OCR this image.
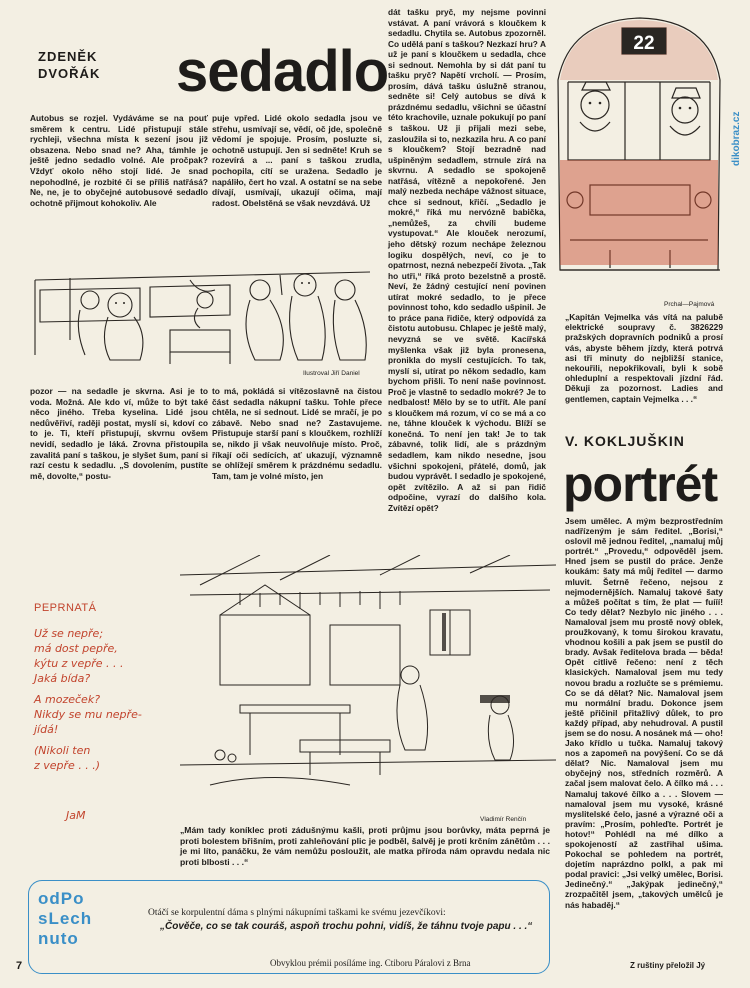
ZDENĚK
DVOŘÁK sedadlo
Autobus se rozjel. Vydáváme se na pouť směrem k centru. Lidé přistupují stále rychleji, všechna místa k sezení jsou již obsazena. Nebo snad ne? Aha, támhle je ještě jedno sedadlo volné. Ale pročpak? Vždyť okolo něho stojí lidé. Je snad nepohodlné, je rozbité či se příliš natřásá? Ne, ne, je to obyčejné autobusové sedadlo ochotně přijmout kohokoliv. Ale
puje vpřed. Lidé okolo sedadla jsou ve střehu, usmívají se, vědí, oč jde, společně vědomí je spojuje. Prosím, posluzte si, ochotně ustupují. Jen si sedněte! Kruh se rozevírá a ... paní s taškou zrudla, pochopila, cítí se uražena. Sedadlo je napáliło, čert ho vzal. A ostatní se na sebe dívají, usmívají, ukazují očima, mají radost. Obelstěná se však nevzdává. Už
dát tašku pryč, my nejsme povinni vstávat. A paní vrávorá s kloučkem k sedadlu. Chytila se. Autobus zpozorněl. Co udělá paní s taškou? Nezkazí hru? A už je paní s kloučkem u sedadla, chce si sednout. Nemohla by si dát paní tu tašku pryč? Napětí vrcholí. — Prosím, prosím, dává tašku úslužně stranou, sedněte si! Celý autobus se dívá k prázdnému sedadlu, všichni se účastní této krachovile, uznale pokukují po paní s taškou. Už ji přijali mezi sebe, zasloužila si to, nezkazila hru. A co paní s kloučkem? Stojí bezradně nad ušpiněným sedadlem, strnule zírá na skvrnu. A sedadlo se spokojeně natřásá, vítězně a nepokořené. Jen malý nezbeda nechápe vážnost situace, chce si sednout, křičí. „Sedadlo je mokré,“ říká mu nervózně babička, „nemůžeš, za chvíli budeme vystupovat.“ Ale klouček nerozumí, jeho dětský rozum nechápe železnou logiku dospělých, neví, co je to opatrnost, nezná nebezpečí života. „Tak ho utři,“ říká proto bezelstně a prostě. Neví, že žádný cestující není povinen utírat mokré sedadlo, to je přece povinnost toho, kdo sedadlo ušpinil. Je to práce pana řidiče, který odpovídá za čistotu autobusu. Chlapec je ještě malý, nevyzná se ve světě. Kacířská myšlenka však již byla pronesena, pronikla do myslí cestujících. To tak, myslí si, utírat po někom sedadlo, kam bychom přišli. To není naše povinnost. Proč je vlastně to sedadlo mokré? Je to nedbalost! Mělo by se to utřít. Ale paní s kloučkem má rozum, ví co se má a co ne, táhne klouček k východu. Blíží se konečná. To není jen tak! Je to tak zábavné, tolik lidí, ale s prázdným sedadlem, kam nikdo nesedne, jsou všichni spokojeni, přátelé, domů, jak budou vyprávět. I sedadlo je spokojené, opět zvítězilo. A až si pan řidič odpočine, vyrazí do dalšího kola. Zvítězí opět?
Ilustroval Jiří Daniel
pozor — na sedadle je skvrna. Asi je to voda. Možná. Ale kdo ví, může to být také něco jiného. Třeba kyselina. Lidé jsou nedůvěřiví, raději postat, myslí si, kdoví co to je. Ti, kteří přistupují, skvrnu ovšem nevidí, sedadlo je láká. Zrovna přistoupila zavalitá paní s taškou, je slyšet šum, paní si razí cestu k sedadlu. „S dovolením, pustíte mě, dovolte,“ postu-
to má, pokládá si vítězoslavně na čistou část sedadla nákupní tašku. Tohle přece chtěla, ne si sednout. Lidé se mračí, je po zábavě. Nebo snad ne? Zastavujeme. Přistupuje starší paní s kloučkem, rozhlíží se, nikdo ji však neuvolňuje místo. Proč, říkají oči sedících, ať ukazují, významně se ohlížejí směrem k prázdnému sedadlu. Tam, tam je volné místo, jen
22
Prchal—Pajmová
„Kapitán Vejmelka vás vítá na palubě elektrické soupravy č. 3826229 pražských dopravních podniků a prosí vás, abyste během jízdy, která potrvá asi tři minuty do nejbližší stanice, nekouřili, nepokřikovali, byli k sobě ohleduplní a respektovali jízdní řád. Děkuji za pozornost. Ladies and gentlemen, captain Vejmelka . . .“
dikobraz.cz
V. KOKLJUŠKIN
portrét
Jsem umělec. A mým bezprostředním nadřízeným je sám ředitel. „Borisi,“ oslovil mě jednou ředitel, „namaluj můj portrét.“ „Provedu,“ odpověděl jsem. Hned jsem se pustil do práce. Jenže koukám: šaty má můj ředitel — darmo mluvit. Šetrně řečeno, nejsou z nejmodernějších. Namaluj takové šaty a můžeš počítat s tím, že plat — fuííí! Co tedy dělat? Nezbylo nic jiného . . . Namaloval jsem mu prostě nový oblek, proužkovaný, k tomu širokou kravatu, vhodnou košili a pak jsem se pustil do brady. Avšak ředitelova brada — běda! Opět citlivě řečeno: není z těch klasických. Namaloval jsem mu tedy novou bradu a rozlučte se s prémiemu. Co se dá dělat? Nic. Namaloval jsem mu normální bradu. Dokonce jsem ještě přičinil přitažlivý důlek, to pro každý případ, aby nehudroval. A pustil jsem se do nosu. A nosánek má — oho! Jako křídlo u tučka. Namaluj takový nos a zapomeň na povýšení. Co se dá dělat? Nic. Namaloval jsem mu obyčejný nos, středních rozměrů. A začal jsem malovat čelo. A čílko má . . . Namaluj takové čílko a . . . Slovem — namaloval jsem mu vysoké, krásné myslitelské čelo, jasné a výrazné oči a pravím: „Prosím, pohleďte. Portrét je hotov!“ Pohlédl na mé dílko a spokojeností až zastřihal ušima. Pokochal se pohledem na portrét, dojetím naprázdno polkl, a pak mi podal pravici: „Jsi velký umělec, Borisi. Jedinečný.“ „Jakýpak jedinečný,“ zrozpačitěl jsem, „takových umělců je nás habaděj.“
Z ruštiny přeložil Jý
Vladimír Renčín
„Mám tady koníklec proti zádušnýmu kašli, proti průjmu jsou borůvky, máta peprná je proti bolestem břišním, proti zahleňování plic je podběl, šalvěj je proti krčním zánětům . . . je mi líto, panáčku, že vám nemůžu posloužit, ale matka příroda nám opravdu nedala nic proti blbosti . . .“
PEPRNATÁ
Už se nepře;
má dost pepře,
kýtu z vepře . . .
Jaká bída?
A mozeček?
Nikdy se mu nepře-
jídá!
(Nikoli ten
z vepře . . .)
JaM
odPo
sLech
nuto
Otáčí se korpulentní dáma s plnými nákupními taškami ke svému jezevčíkovi:
„Čověče, co se tak couráš, aspoň trochu pohni, vidíš, že táhnu tvoje papu . . .“
Obvyklou prémii posíláme ing. Ctiboru Páralovi z Brna
7
